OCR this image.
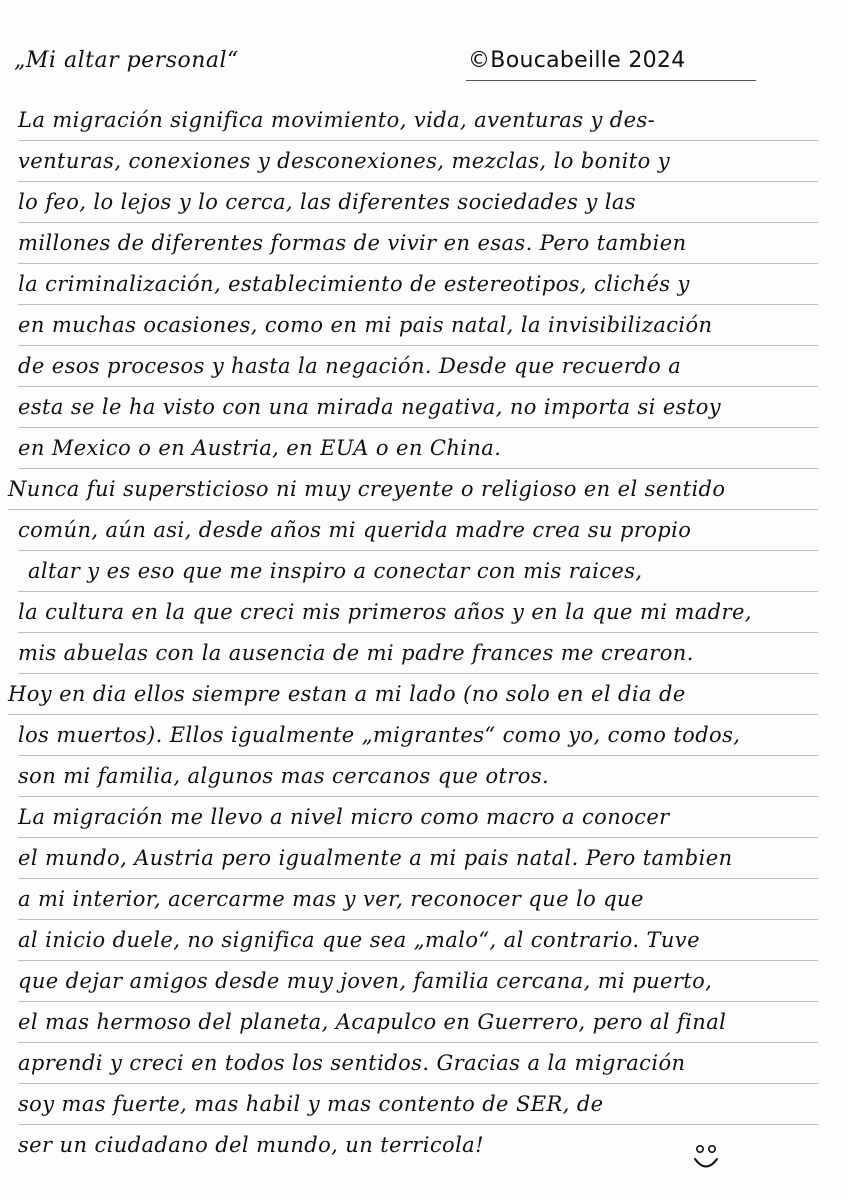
„Mi altar personal“	©Boucabeille 2024
La migración significa movimiento, vida, aventuras y des-
venturas, conexiones y desconexiones, mezclas, lo bonito y
lo feo, lo lejos y lo cerca, las diferentes sociedades y las
millones de diferentes formas de vivir en esas. Pero tambien
la criminalización, establecimiento de estereotipos, clichés y
en muchas ocasiones, como en mi pais natal, la invisibilización
de esos procesos y hasta la negación. Desde que recuerdo a
esta se le ha visto con una mirada negativa, no importa si estoy
en Mexico o en Austria, en EUA o en China.
Nunca fui supersticioso ni muy creyente o religioso en el sentido
común, aún asi, desde años mi querida madre crea su propio
altar y es eso que me inspiro a conectar con mis raices,
la cultura en la que creci mis primeros años y en la que mi madre,
mis abuelas con la ausencia de mi padre frances me crearon.
Hoy en dia ellos siempre estan a mi lado (no solo en el dia de
los muertos). Ellos igualmente „migrantes“ como yo, como todos,
son mi familia, algunos mas cercanos que otros.
La migración me llevo a nivel micro como macro a conocer
el mundo, Austria pero igualmente a mi pais natal. Pero tambien
a mi interior, acercarme mas y ver, reconocer que lo que
al inicio duele, no significa que sea „malo“, al contrario. Tuve
que dejar amigos desde muy joven, familia cercana, mi puerto,
el mas hermoso del planeta, Acapulco en Guerrero, pero al final
aprendi y creci en todos los sentidos. Gracias a la migración
soy mas fuerte, mas habil y mas contento de SER, de
ser un ciudadano del mundo, un terricola!
